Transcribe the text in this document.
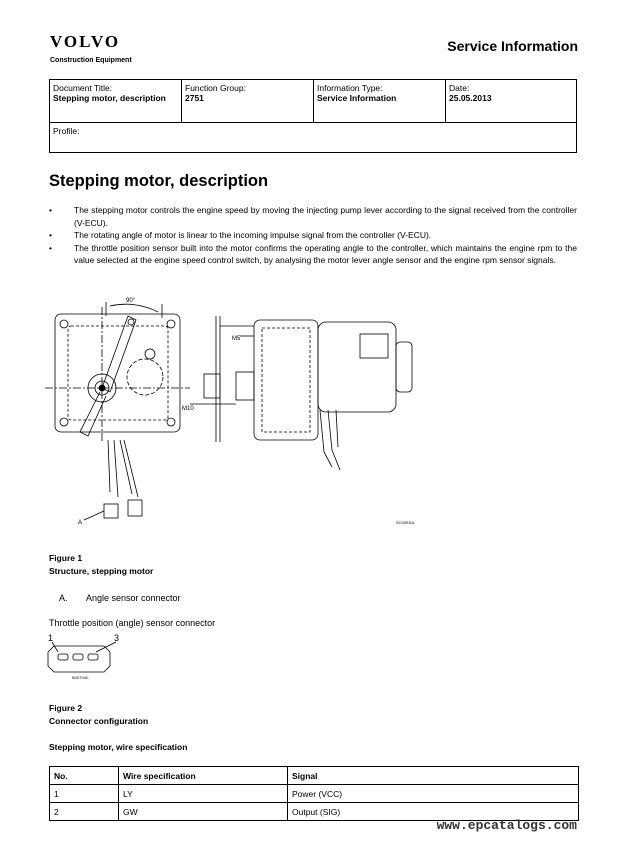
VOLVO
Construction Equipment
Service Information
Document Title:
Stepping motor, description

Function Group:
2751

Information Type:
Service Information

Date:
25.05.2013

Profile:
Stepping motor, description
• The stepping motor controls the engine speed by moving the injecting pump lever according to the signal received from the controller (V-ECU).
• The rotating angle of motor is linear to the incoming impulse signal from the controller (V-ECU).
• The throttle position sensor built into the motor confirms the operating angle to the controller, which maintains the engine rpm to the value selected at the engine speed control switch, by analysing the motor lever angle sensor and the engine rpm sensor signals.
90°
A
M5
M10
SC00ESA
Figure 1
Structure, stepping motor
A. Angle sensor connector
Throttle position (angle) sensor connector
1	3
B00704C
Figure 2
Connector configuration
Stepping motor, wire specification
No.	Wire specification	Signal
1	LY	Power (VCC)
2	GW	Output (SIG)
www.epcatalogs.com
